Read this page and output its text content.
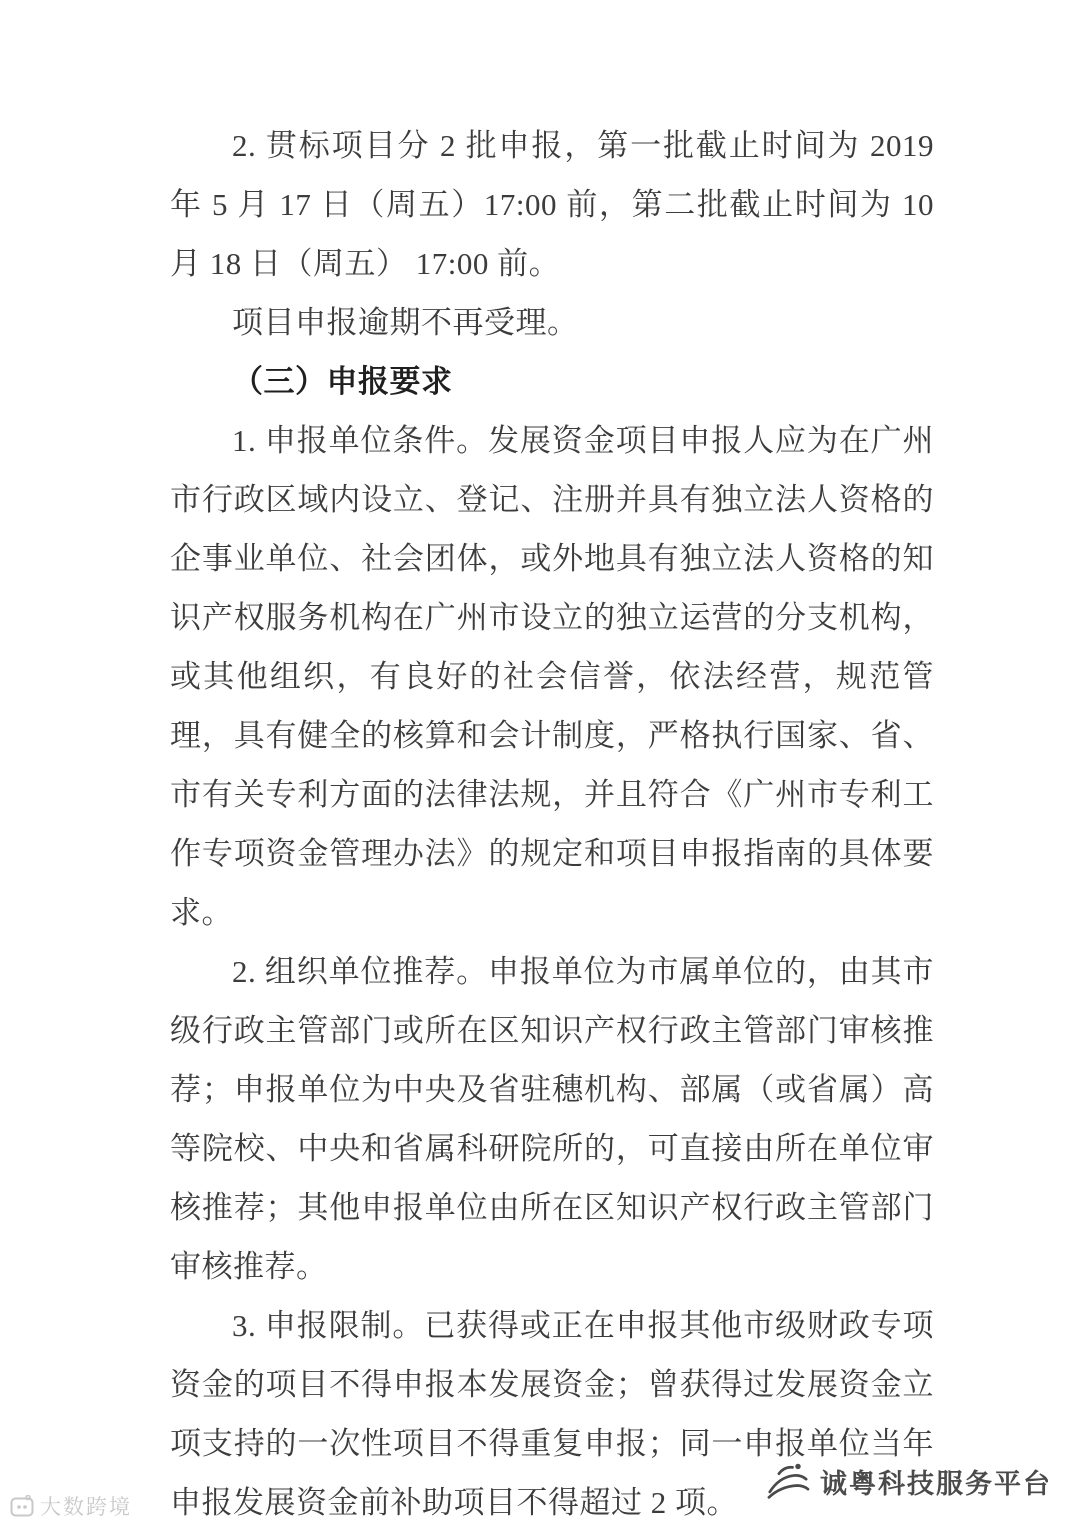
2. 贯标项目分 2 批申报，第一批截止时间为 2019 年 5 月 17 日（周五）17:00 前，第二批截止时间为 10 月 18 日（周五） 17:00 前。

项目申报逾期不再受理。

（三）申报要求

1. 申报单位条件。发展资金项目申报人应为在广州市行政区域内设立、登记、注册并具有独立法人资格的企事业单位、社会团体，或外地具有独立法人资格的知识产权服务机构在广州市设立的独立运营的分支机构，或其他组织，有良好的社会信誉，依法经营，规范管理，具有健全的核算和会计制度，严格执行国家、省、市有关专利方面的法律法规，并且符合《广州市专利工作专项资金管理办法》的规定和项目申报指南的具体要求。

2. 组织单位推荐。申报单位为市属单位的，由其市级行政主管部门或所在区知识产权行政主管部门审核推荐；申报单位为中央及省驻穗机构、部属（或省属）高等院校、中央和省属科研院所的，可直接由所在单位审核推荐；其他申报单位由所在区知识产权行政主管部门审核推荐。

3. 申报限制。已获得或正在申报其他市级财政专项资金的项目不得申报本发展资金；曾获得过发展资金立项支持的一次性项目不得重复申报；同一申报单位当年申报发展资金前补助项目不得超过 2 项。

诚粤科技服务平台
大数跨境
